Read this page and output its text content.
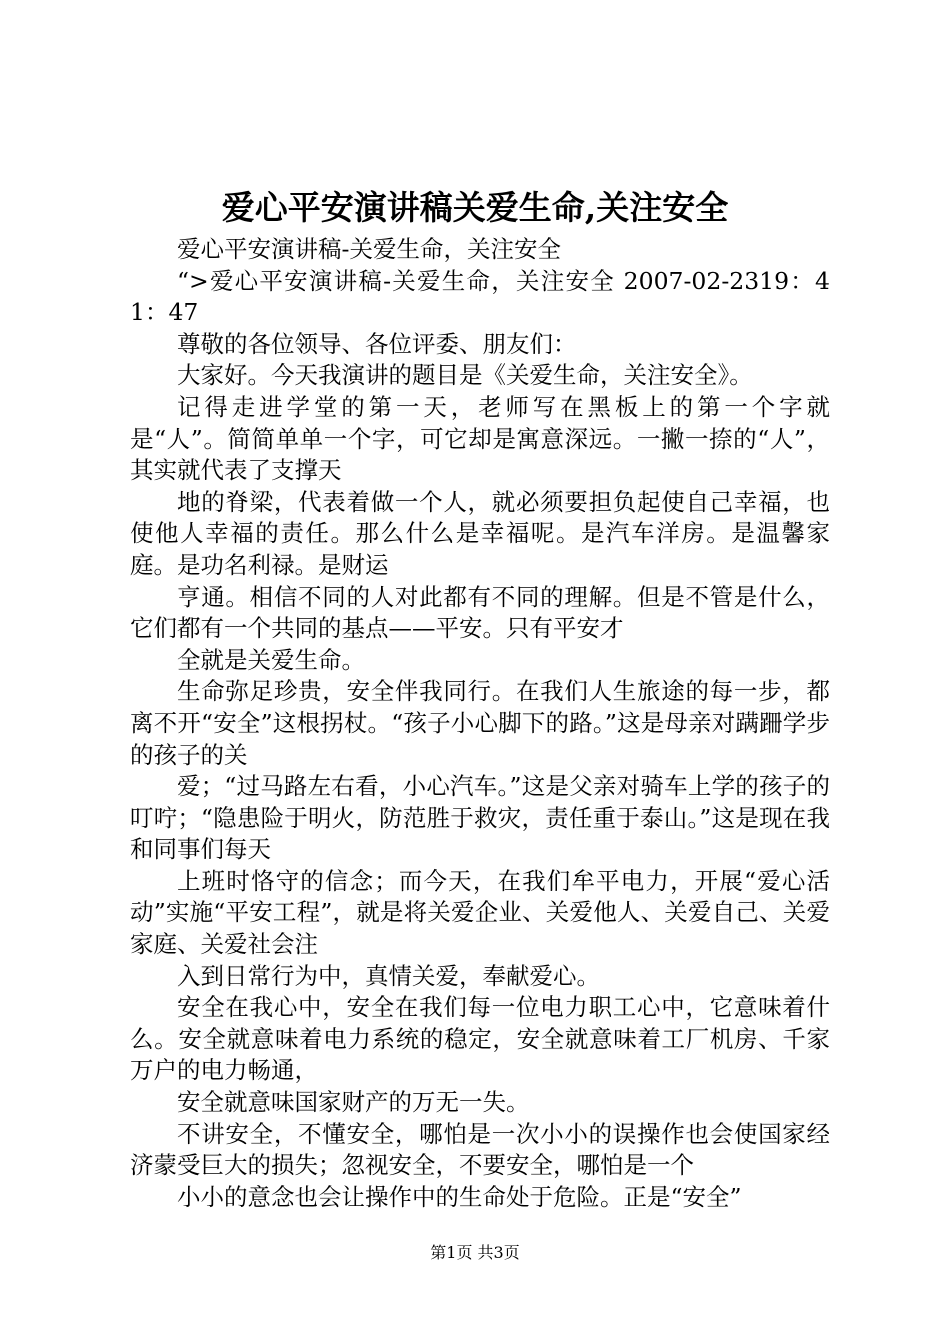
爱心平安演讲稿关爱生命,关注安全

爱心平安演讲稿-关爱生命，关注安全

“>爱心平安演讲稿-关爱生命，关注安全 2007-02-2319：41：47

尊敬的各位领导、各位评委、朋友们：

大家好。今天我演讲的题目是《关爱生命，关注安全》。

记得走进学堂的第一天，老师写在黑板上的第一个字就是“人”。简简单单一个字，可它却是寓意深远。一撇一捺的“人”，其实就代表了支撑天

地的脊梁，代表着做一个人，就必须要担负起使自己幸福，也使他人幸福的责任。那么什么是幸福呢。是汽车洋房。是温馨家庭。是功名利禄。是财运

亨通。相信不同的人对此都有不同的理解。但是不管是什么，它们都有一个共同的基点——平安。只有平安才

全就是关爱生命。

生命弥足珍贵，安全伴我同行。在我们人生旅途的每一步，都离不开“安全”这根拐杖。“孩子小心脚下的路。”这是母亲对蹒跚学步的孩子的关

爱；“过马路左右看，小心汽车。”这是父亲对骑车上学的孩子的叮咛；“隐患险于明火，防范胜于救灾，责任重于泰山。”这是现在我和同事们每天

上班时恪守的信念；而今天，在我们牟平电力，开展“爱心活动”实施“平安工程”，就是将关爱企业、关爱他人、关爱自己、关爱家庭、关爱社会注

入到日常行为中，真情关爱，奉献爱心。

安全在我心中，安全在我们每一位电力职工心中，它意味着什么。安全就意味着电力系统的稳定，安全就意味着工厂机房、千家万户的电力畅通，

安全就意味国家财产的万无一失。

不讲安全，不懂安全，哪怕是一次小小的误操作也会使国家经济蒙受巨大的损失；忽视安全，不要安全，哪怕是一个

小小的意念也会让操作中的生命处于危险。正是“安全”

第1页 共3页
